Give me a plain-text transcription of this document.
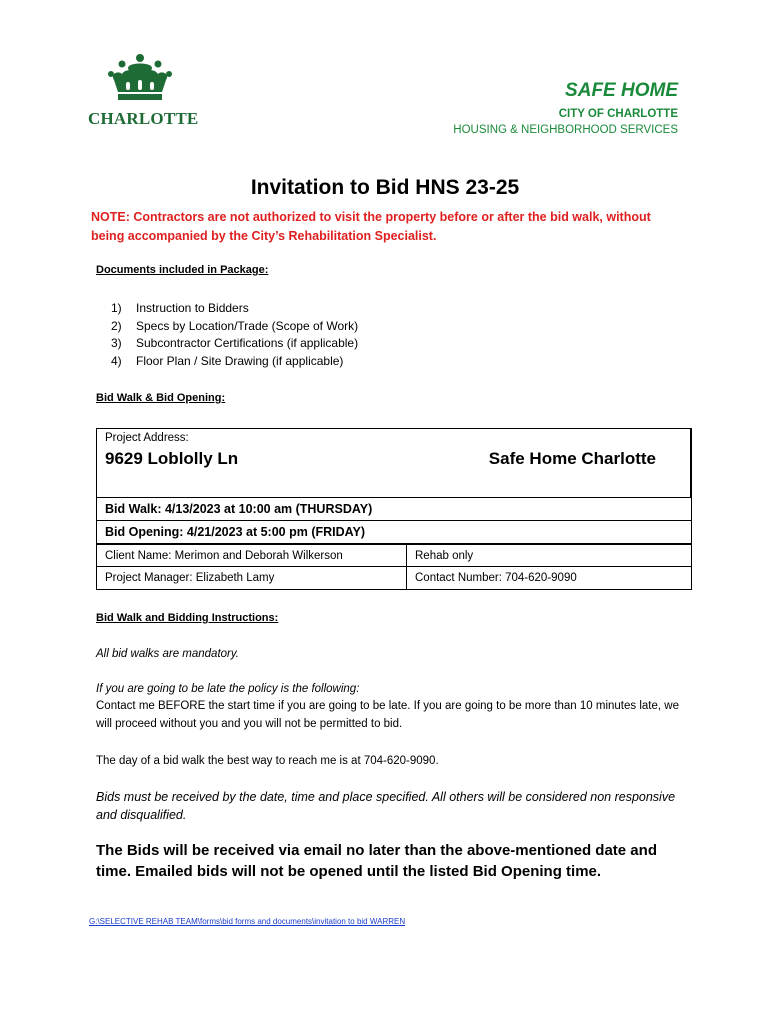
CHARLOTTE
SAFE HOME
CITY OF CHARLOTTE
HOUSING & NEIGHBORHOOD SERVICES
Invitation to Bid HNS 23-25
NOTE: Contractors are not authorized to visit the property before or after the bid walk, without being accompanied by the City’s Rehabilitation Specialist.
Documents included in Package:
1)	Instruction to Bidders
2)	Specs by Location/Trade (Scope of Work)
3)	Subcontractor Certifications (if applicable)
4)	Floor Plan / Site Drawing (if applicable)
Bid Walk & Bid Opening:
Project Address:
9629 Loblolly Ln	Safe Home Charlotte
Bid Walk: 4/13/2023 at 10:00 am (THURSDAY)
Bid Opening: 4/21/2023 at 5:00 pm (FRIDAY)
Client Name: Merimon and Deborah Wilkerson	Rehab only
Project Manager: Elizabeth Lamy	Contact Number: 704-620-9090
Bid Walk and Bidding Instructions:
All bid walks are mandatory.
If you are going to be late the policy is the following:
Contact me BEFORE the start time if you are going to be late. If you are going to be more than 10 minutes late, we will proceed without you and you will not be permitted to bid.
The day of a bid walk the best way to reach me is at 704-620-9090.
Bids must be received by the date, time and place specified. All others will be considered non responsive and disqualified.
The Bids will be received via email no later than the above-mentioned date and time. Emailed bids will not be opened until the listed Bid Opening time.
G:\SELECTIVE REHAB TEAM\forms\bid forms and documents\invitation to bid WARREN
